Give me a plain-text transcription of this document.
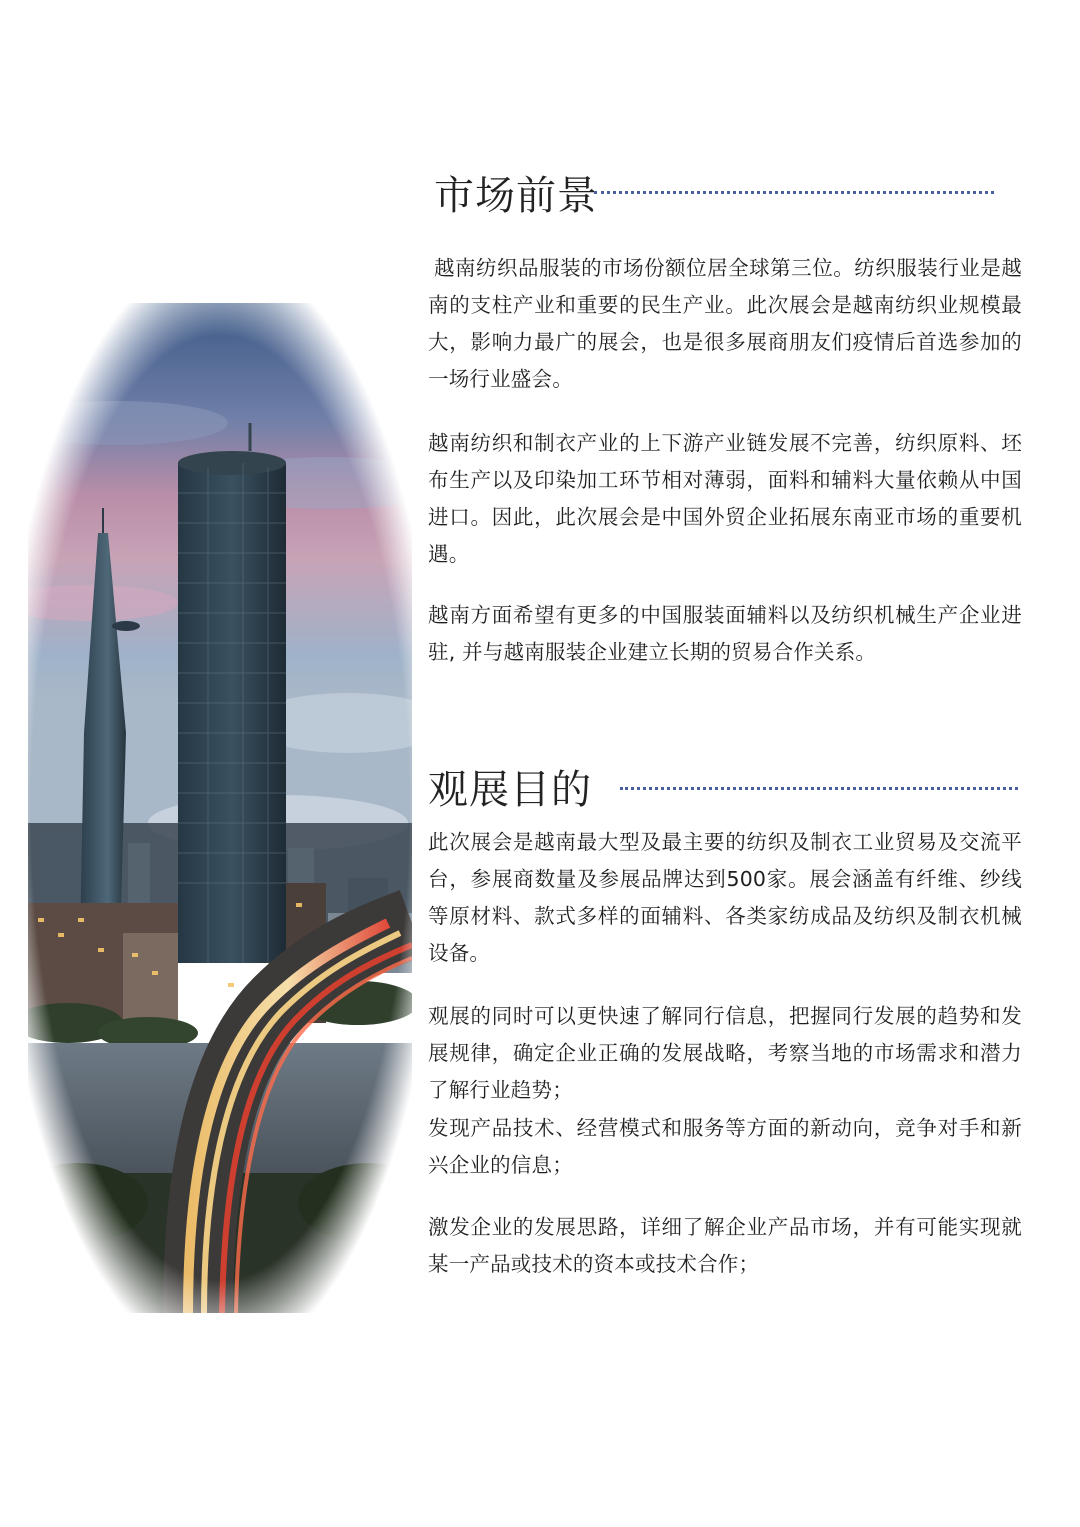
市场前景

越南纺织品服装的市场份额位居全球第三位。纺织服装行业是越南的支柱产业和重要的民生产业。此次展会是越南纺织业规模最大，影响力最广的展会，也是很多展商朋友们疫情后首选参加的一场行业盛会。

越南纺织和制衣产业的上下游产业链发展不完善，纺织原料、坯布生产以及印染加工环节相对薄弱，面料和辅料大量依赖从中国进口。因此，此次展会是中国外贸企业拓展东南亚市场的重要机遇。

越南方面希望有更多的中国服装面辅料以及纺织机械生产企业进驻, 并与越南服装企业建立长期的贸易合作关系。

观展目的

此次展会是越南最大型及最主要的纺织及制衣工业贸易及交流平台，参展商数量及参展品牌达到500家。展会涵盖有纤维、纱线等原材料、款式多样的面辅料、各类家纺成品及纺织及制衣机械设备。

观展的同时可以更快速了解同行信息，把握同行发展的趋势和发展规律，确定企业正确的发展战略，考察当地的市场需求和潜力了解行业趋势；

发现产品技术、经营模式和服务等方面的新动向，竞争对手和新兴企业的信息；

激发企业的发展思路，详细了解企业产品市场，并有可能实现就某一产品或技术的资本或技术合作；
